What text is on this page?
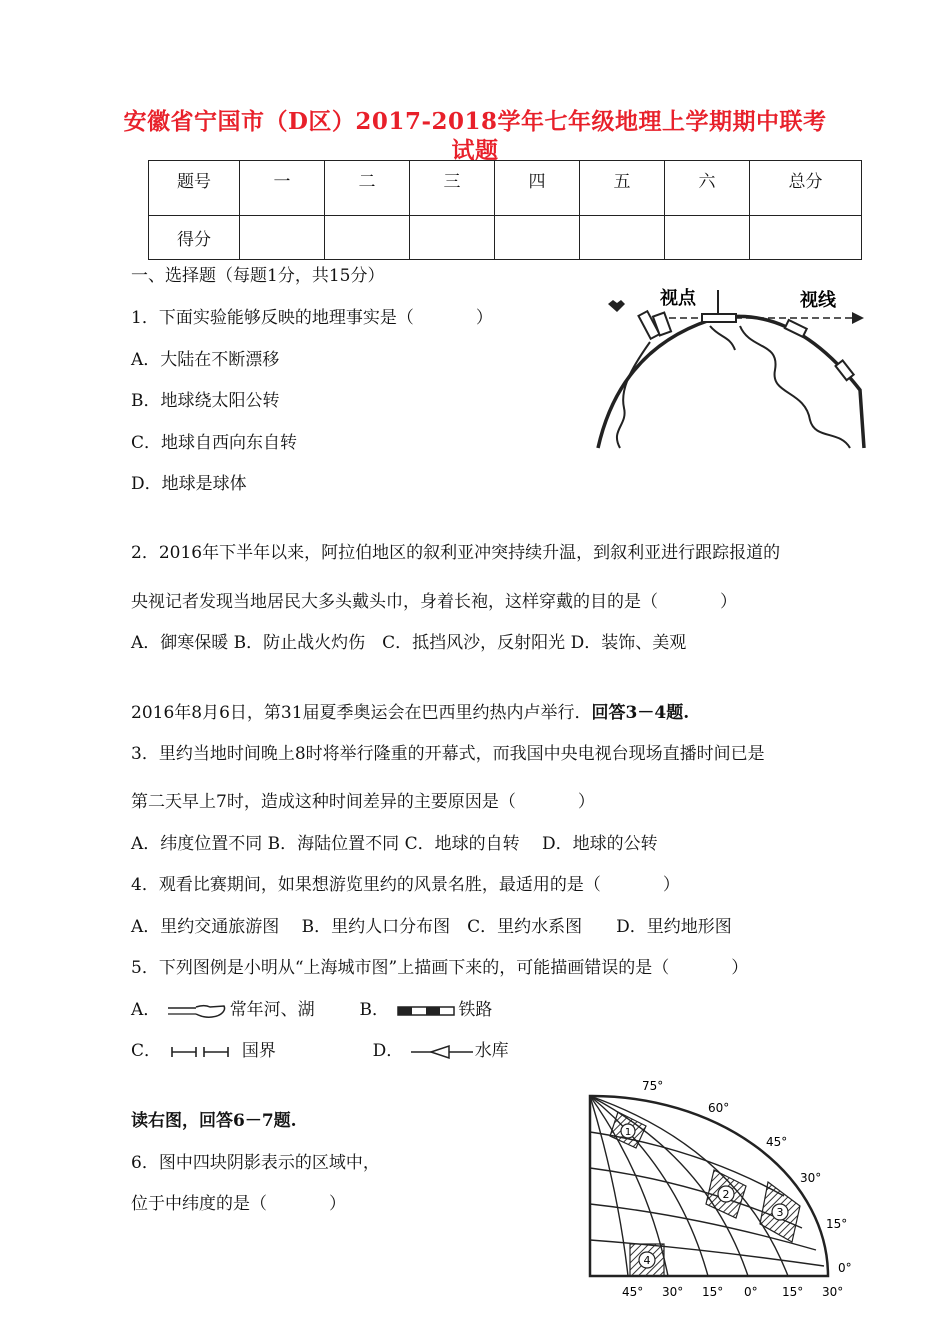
安徽省宁国市（D区）2017-2018学年七年级地理上学期期中联考
试题
题号	一	二	三	四	五	六	总分
得分							
一、选择题（每题1分，共15分）
1．下面实验能够反映的地理事实是（	）
A．大陆在不断漂移
B．地球绕太阳公转
C．地球自西向东自转
D．地球是球体
视点	视线
2．2016年下半年以来，阿拉伯地区的叙利亚冲突持续升温，到叙利亚进行跟踪报道的
央视记者发现当地居民大多头戴头巾，身着长袍，这样穿戴的目的是（	）
A．御寒保暖 B．防止战火灼伤　C．抵挡风沙，反射阳光 D．装饰、美观
2016年8月6日，第31届夏季奥运会在巴西里约热内卢举行．回答3－4题.
3．里约当地时间晚上8时将举行隆重的开幕式，而我国中央电视台现场直播时间已是
第二天早上7时，造成这种时间差异的主要原因是（	）
A．纬度位置不同 B．海陆位置不同 C．地球的自转　 D．地球的公转
4．观看比赛期间，如果想游览里约的风景名胜，最适用的是（	）
A．里约交通旅游图　 B．里约人口分布图　C．里约水系图　　D．里约地形图
5．下列图例是小明从“上海城市图”上描画下来的，可能描画错误的是（	）
A．	常年河、湖	B．	铁路
C．	国界	D．	水库
读右图，回答6－7题.
6．图中四块阴影表示的区域中，
位于中纬度的是（	）
1
2
3
4
75°
60°
45°
30°
15°
0°
45° 30° 15° 0° 15° 30°
